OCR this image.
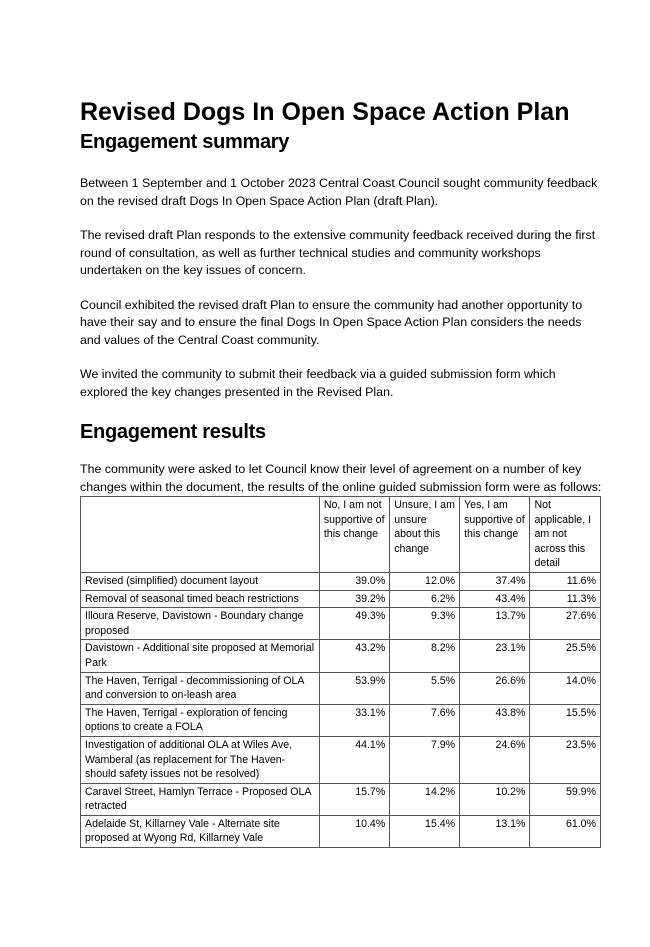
Revised Dogs In Open Space Action Plan
Engagement summary

Between 1 September and 1 October 2023 Central Coast Council sought community feedback on the revised draft Dogs In Open Space Action Plan (draft Plan).

The revised draft Plan responds to the extensive community feedback received during the first round of consultation, as well as further technical studies and community workshops undertaken on the key issues of concern.

Council exhibited the revised draft Plan to ensure the community had another opportunity to have their say and to ensure the final Dogs In Open Space Action Plan considers the needs and values of the Central Coast community.

We invited the community to submit their feedback via a guided submission form which explored the key changes presented in the Revised Plan.

Engagement results

The community were asked to let Council know their level of agreement on a number of key changes within the document, the results of the online guided submission form were as follows:

	No, I am not supportive of this change	Unsure, I am unsure about this change	Yes, I am supportive of this change	Not applicable, I am not across this detail
Revised (simplified) document layout	39.0%	12.0%	37.4%	11.6%
Removal of seasonal timed beach restrictions	39.2%	6.2%	43.4%	11.3%
Illoura Reserve, Davistown - Boundary change proposed	49.3%	9.3%	13.7%	27.6%
Davistown - Additional site proposed at Memorial Park	43.2%	8.2%	23.1%	25.5%
The Haven, Terrigal - decommissioning of OLA and conversion to on-leash area	53.9%	5.5%	26.6%	14.0%
The Haven, Terrigal - exploration of fencing options to create a FOLA	33.1%	7.6%	43.8%	15.5%
Investigation of additional OLA at Wiles Ave, Wamberal (as replacement for The Haven- should safety issues not be resolved)	44.1%	7.9%	24.6%	23.5%
Caravel Street, Hamlyn Terrace - Proposed OLA retracted	15.7%	14.2%	10.2%	59.9%
Adelaide St, Killarney Vale - Alternate site proposed at Wyong Rd, Killarney Vale	10.4%	15.4%	13.1%	61.0%
